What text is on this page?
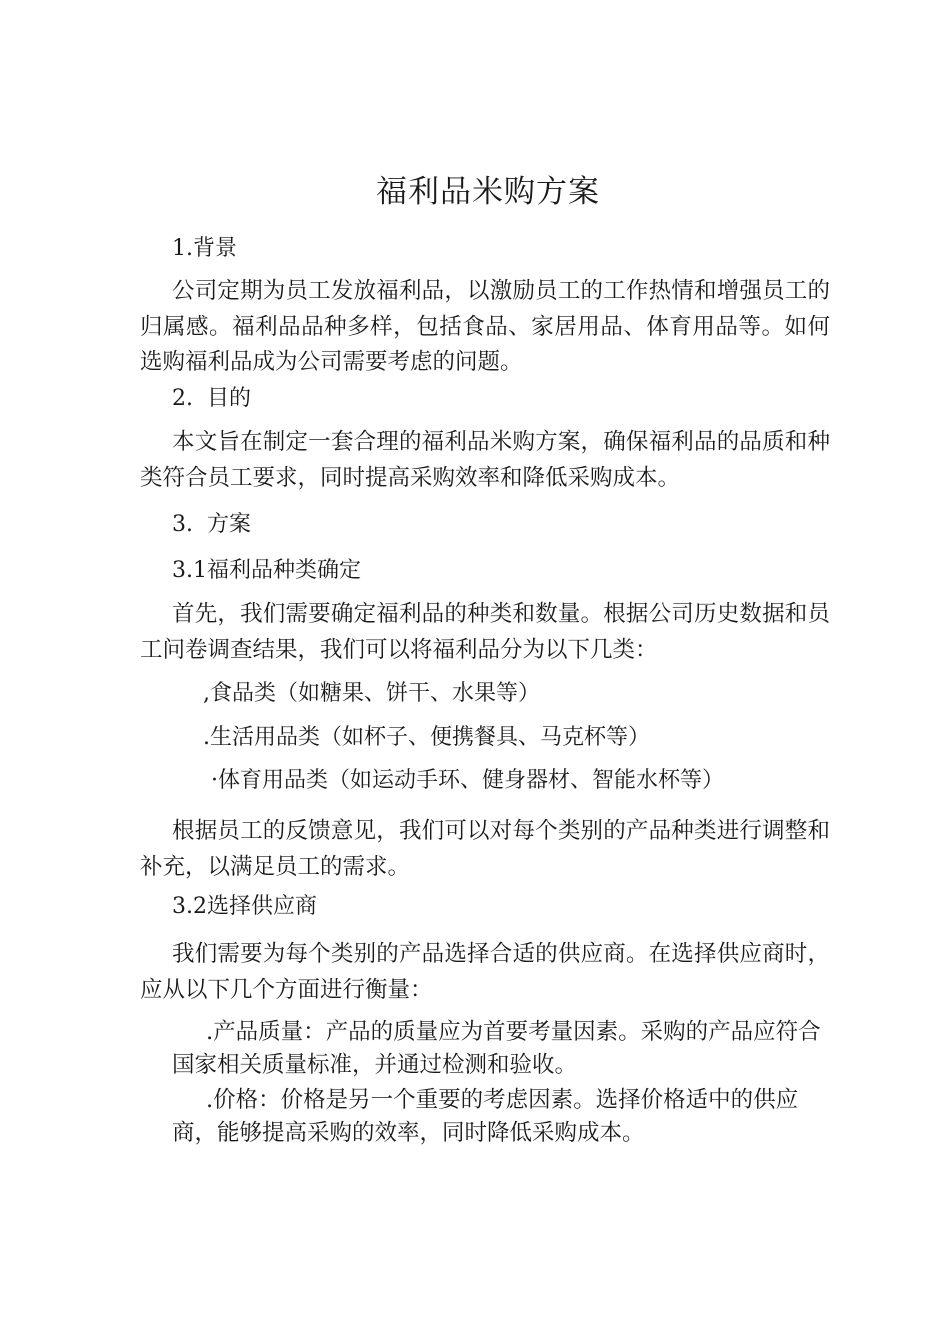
福利品米购方案
1.背景

公司定期为员工发放福利品，以激励员工的工作热情和增强员工的归属感。福利品品种多样，包括食品、家居用品、体育用品等。如何选购福利品成为公司需要考虑的问题。

2.  目的

本文旨在制定一套合理的福利品米购方案，确保福利品的品质和种类符合员工要求，同时提高采购效率和降低采购成本。

3.  方案
3.1福利品种类确定

首先，我们需要确定福利品的种类和数量。根据公司历史数据和员工问卷调查结果，我们可以将福利品分为以下几类：

,食品类（如糖果、饼干、水果等）
.生活用品类（如杯子、便携餐具、马克杯等）
·体育用品类（如运动手环、健身器材、智能水杯等）

根据员工的反馈意见，我们可以对每个类别的产品种类进行调整和补充，以满足员工的需求。

3.2选择供应商

我们需要为每个类别的产品选择合适的供应商。在选择供应商时，应从以下几个方面进行衡量：

.产品质量：产品的质量应为首要考量因素。采购的产品应符合国家相关质量标准，并通过检测和验收。

.价格：价格是另一个重要的考虑因素。选择价格适中的供应商，能够提高采购的效率，同时降低采购成本。
